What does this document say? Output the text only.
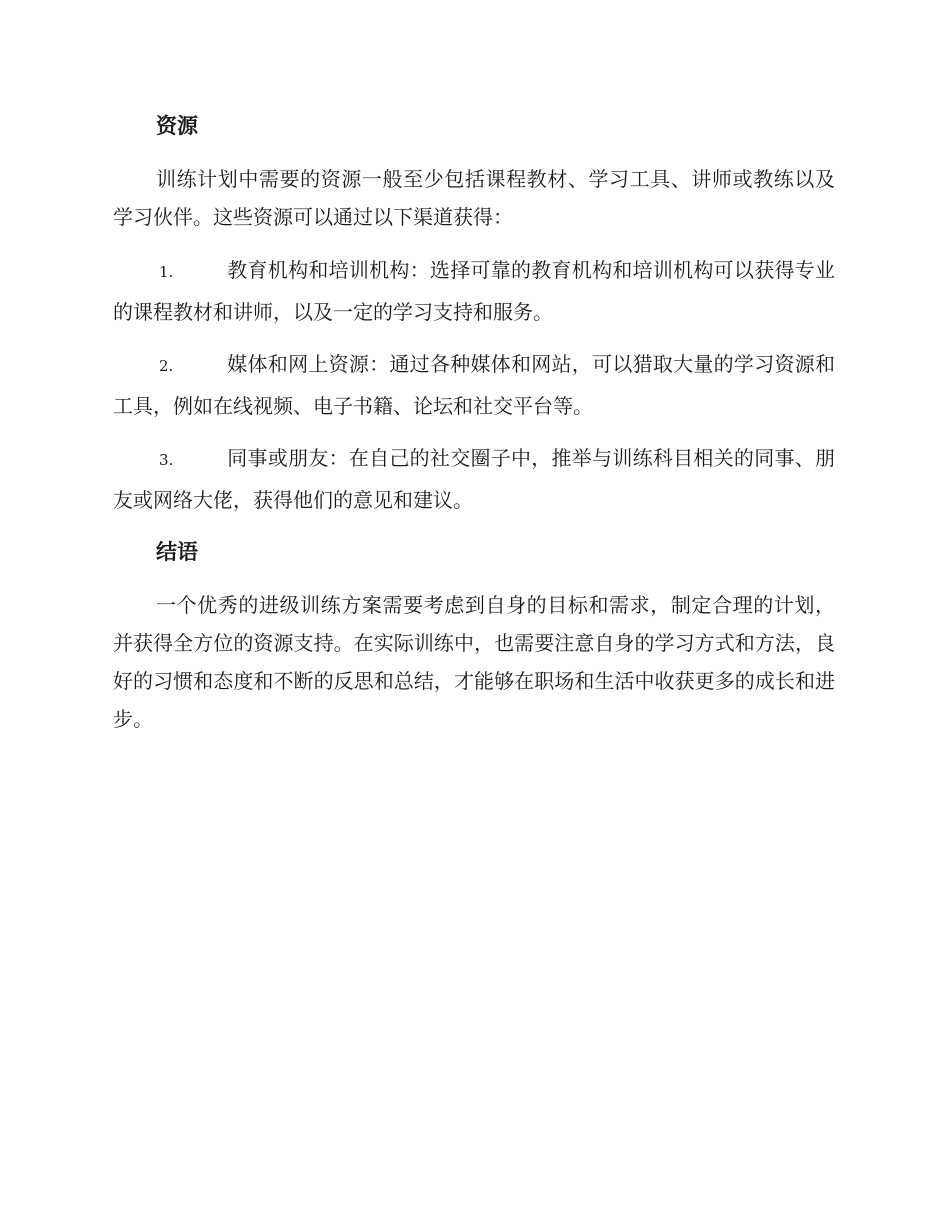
资源

训练计划中需要的资源一般至少包括课程教材、学习工具、讲师或教练以及学习伙伴。这些资源可以通过以下渠道获得：

1.	教育机构和培训机构：选择可靠的教育机构和培训机构可以获得专业的课程教材和讲师，以及一定的学习支持和服务。

2.	媒体和网上资源：通过各种媒体和网站，可以猎取大量的学习资源和工具，例如在线视频、电子书籍、论坛和社交平台等。

3.	同事或朋友：在自己的社交圈子中，推举与训练科目相关的同事、朋友或网络大佬，获得他们的意见和建议。

结语

一个优秀的进级训练方案需要考虑到自身的目标和需求，制定合理的计划，并获得全方位的资源支持。在实际训练中，也需要注意自身的学习方式和方法，良好的习惯和态度和不断的反思和总结，才能够在职场和生活中收获更多的成长和进步。
